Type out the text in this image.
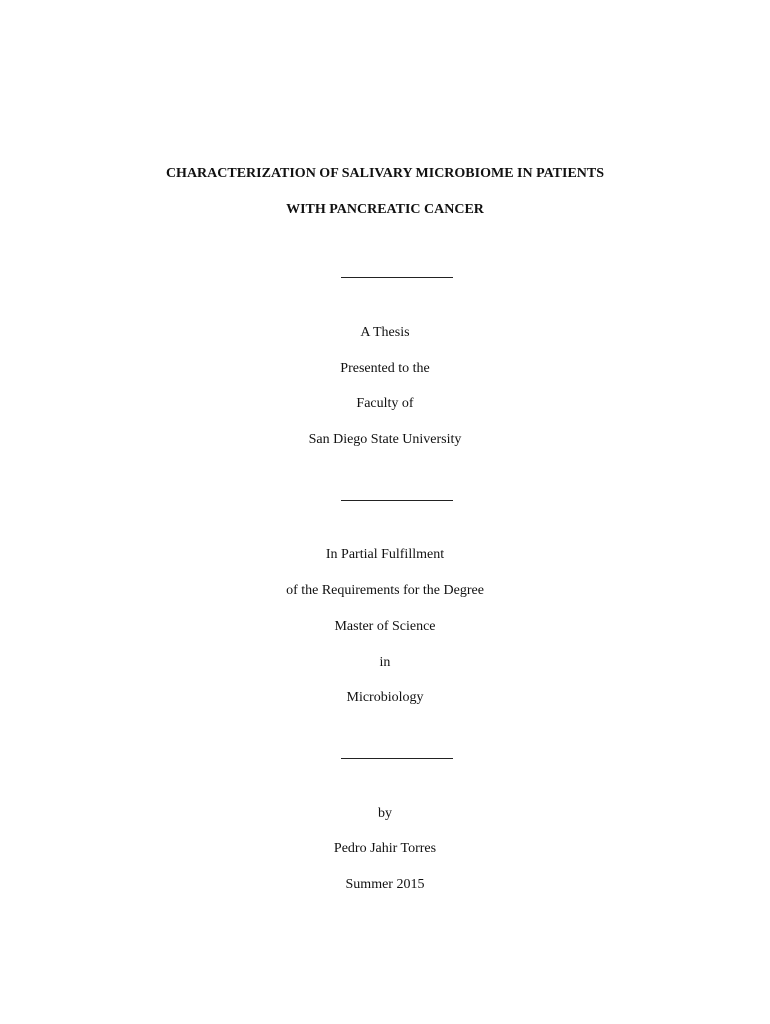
CHARACTERIZATION OF SALIVARY MICROBIOME IN PATIENTS
WITH PANCREATIC CANCER
A Thesis
Presented to the
Faculty of
San Diego State University
In Partial Fulfillment
of the Requirements for the Degree
Master of Science
in
Microbiology
by
Pedro Jahir Torres
Summer 2015
